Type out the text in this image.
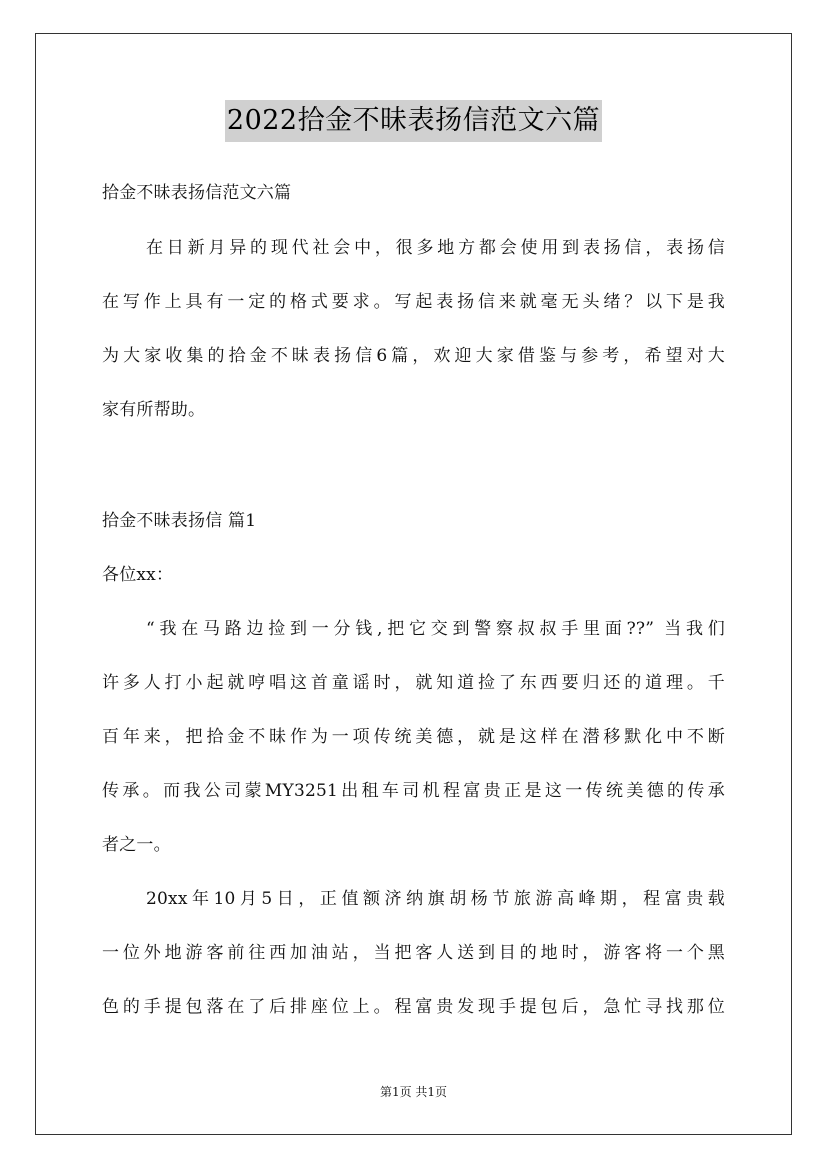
2022拾金不昧表扬信范文六篇
拾金不昧表扬信范文六篇
在日新月异的现代社会中，很多地方都会使用到表扬信，表扬信
在写作上具有一定的格式要求。写起表扬信来就毫无头绪？以下是我
为大家收集的拾金不昧表扬信6篇，欢迎大家借鉴与参考，希望对大
家有所帮助。
拾金不昧表扬信 篇1
各位xx：
“我在马路边捡到一分钱,把它交到警察叔叔手里面??” 当我们
许多人打小起就哼唱这首童谣时，就知道捡了东西要归还的道理。千
百年来，把拾金不昧作为一项传统美德，就是这样在潜移默化中不断
传承。而我公司蒙MY3251出租车司机程富贵正是这一传统美德的传承
者之一。
20xx年10月5日，正值额济纳旗胡杨节旅游高峰期，程富贵载
一位外地游客前往西加油站，当把客人送到目的地时，游客将一个黑
色的手提包落在了后排座位上。程富贵发现手提包后，急忙寻找那位
第1页 共1页
